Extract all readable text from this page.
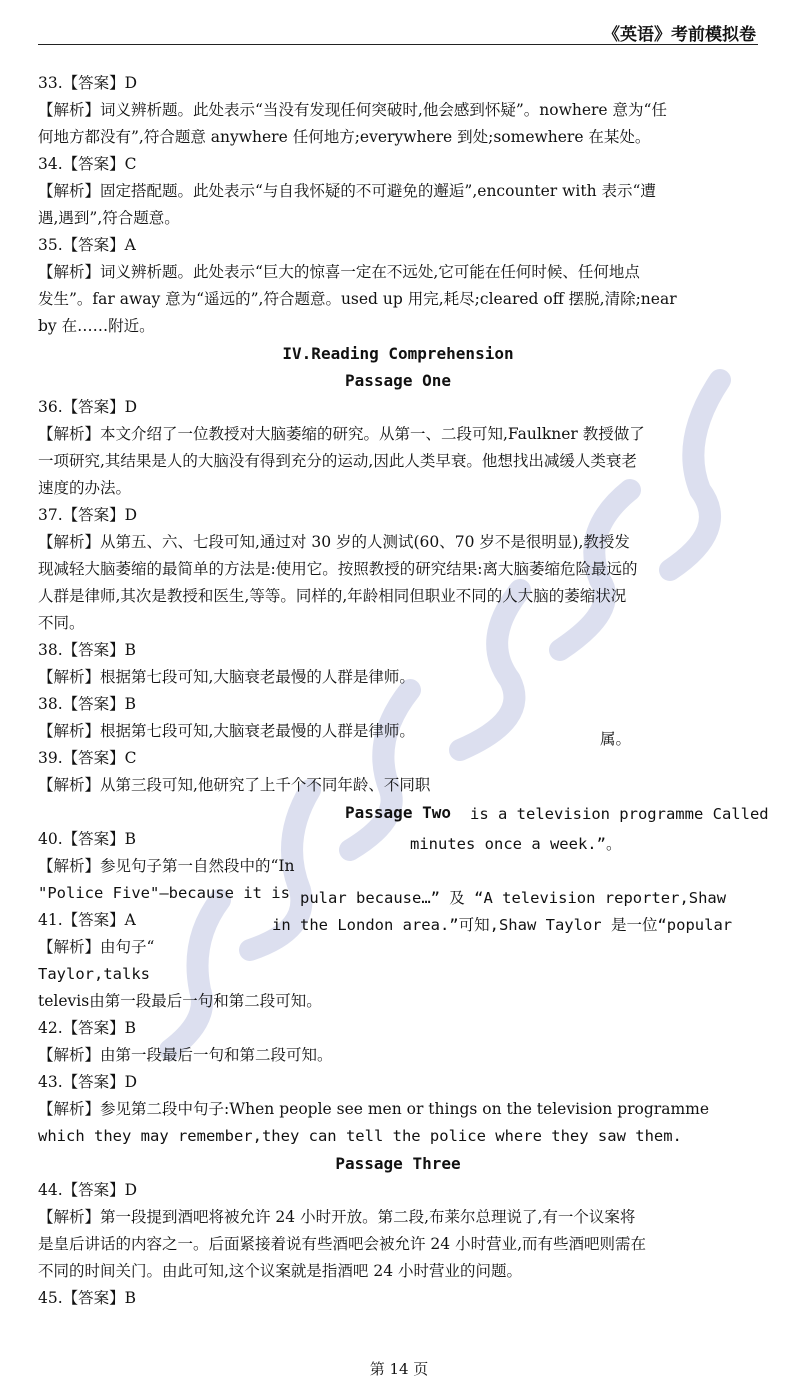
《英语》考前模拟卷
33.【答案】D
【解析】词义辨析题。此处表示“当没有发现任何突破时,他会感到怀疑”。nowhere 意为“任
何地方都没有”,符合题意 anywhere 任何地方;everywhere 到处;somewhere 在某处。
34.【答案】C
【解析】固定搭配题。此处表示“与自我怀疑的不可避免的邂逅”,encounter with 表示“遭
遇,遇到”,符合题意。
35.【答案】A
【解析】词义辨析题。此处表示“巨大的惊喜一定在不远处,它可能在任何时候、任何地点
发生”。far away 意为“遥远的”,符合题意。used up 用完,耗尽;cleared off 摆脱,清除;near
by 在……附近。
IV.Reading Comprehension
Passage One
36.【答案】D
【解析】本文介绍了一位教授对大脑萎缩的研究。从第一、二段可知,Faulkner 教授做了
一项研究,其结果是人的大脑没有得到充分的运动,因此人类早衰。他想找出减缓人类衰老
速度的办法。
37.【答案】D
【解析】从第五、六、七段可知,通过对 30 岁的人测试(60、70 岁不是很明显),教授发
现减轻大脑萎缩的最简单的方法是:使用它。按照教授的研究结果:离大脑萎缩危险最远的
人群是律师,其次是教授和医生,等等。同样的,年龄相同但职业不同的人大脑的萎缩状况
不同。
38.【答案】B
【解析】根据第七段可知,大脑衰老最慢的人群是律师。
38.【答案】B
【解析】根据第七段可知,大脑衰老最慢的人群是律师。
39.【答案】C
【解析】从第三段可知,他研究了上千个不同年龄、不同职
Passage Two
40.【答案】B
【解析】参见句子第一自然段中的“In
"Police Five"—because it is
41.【答案】A
【解析】由句子“
Taylor,talks
televis由第一段最后一句和第二段可知。
42.【答案】B
【解析】由第一段最后一句和第二段可知。
43.【答案】D
【解析】参见第二段中句子:When people see men or things on the television programme
which they may remember,they can tell the police where they saw them.
Passage Three
44.【答案】D
【解析】第一段提到酒吧将被允许 24 小时开放。第二段,布莱尔总理说了,有一个议案将
是皇后讲话的内容之一。后面紧接着说有些酒吧会被允许 24 小时营业,而有些酒吧则需在
不同的时间关门。由此可知,这个议案就是指酒吧 24 小时营业的问题。
45.【答案】B
属。
is a television programme Called
minutes once a week.”。
pular because…” 及 “A television reporter,Shaw
in the London area.”可知,Shaw Taylor 是一位“popular
第 14 页
